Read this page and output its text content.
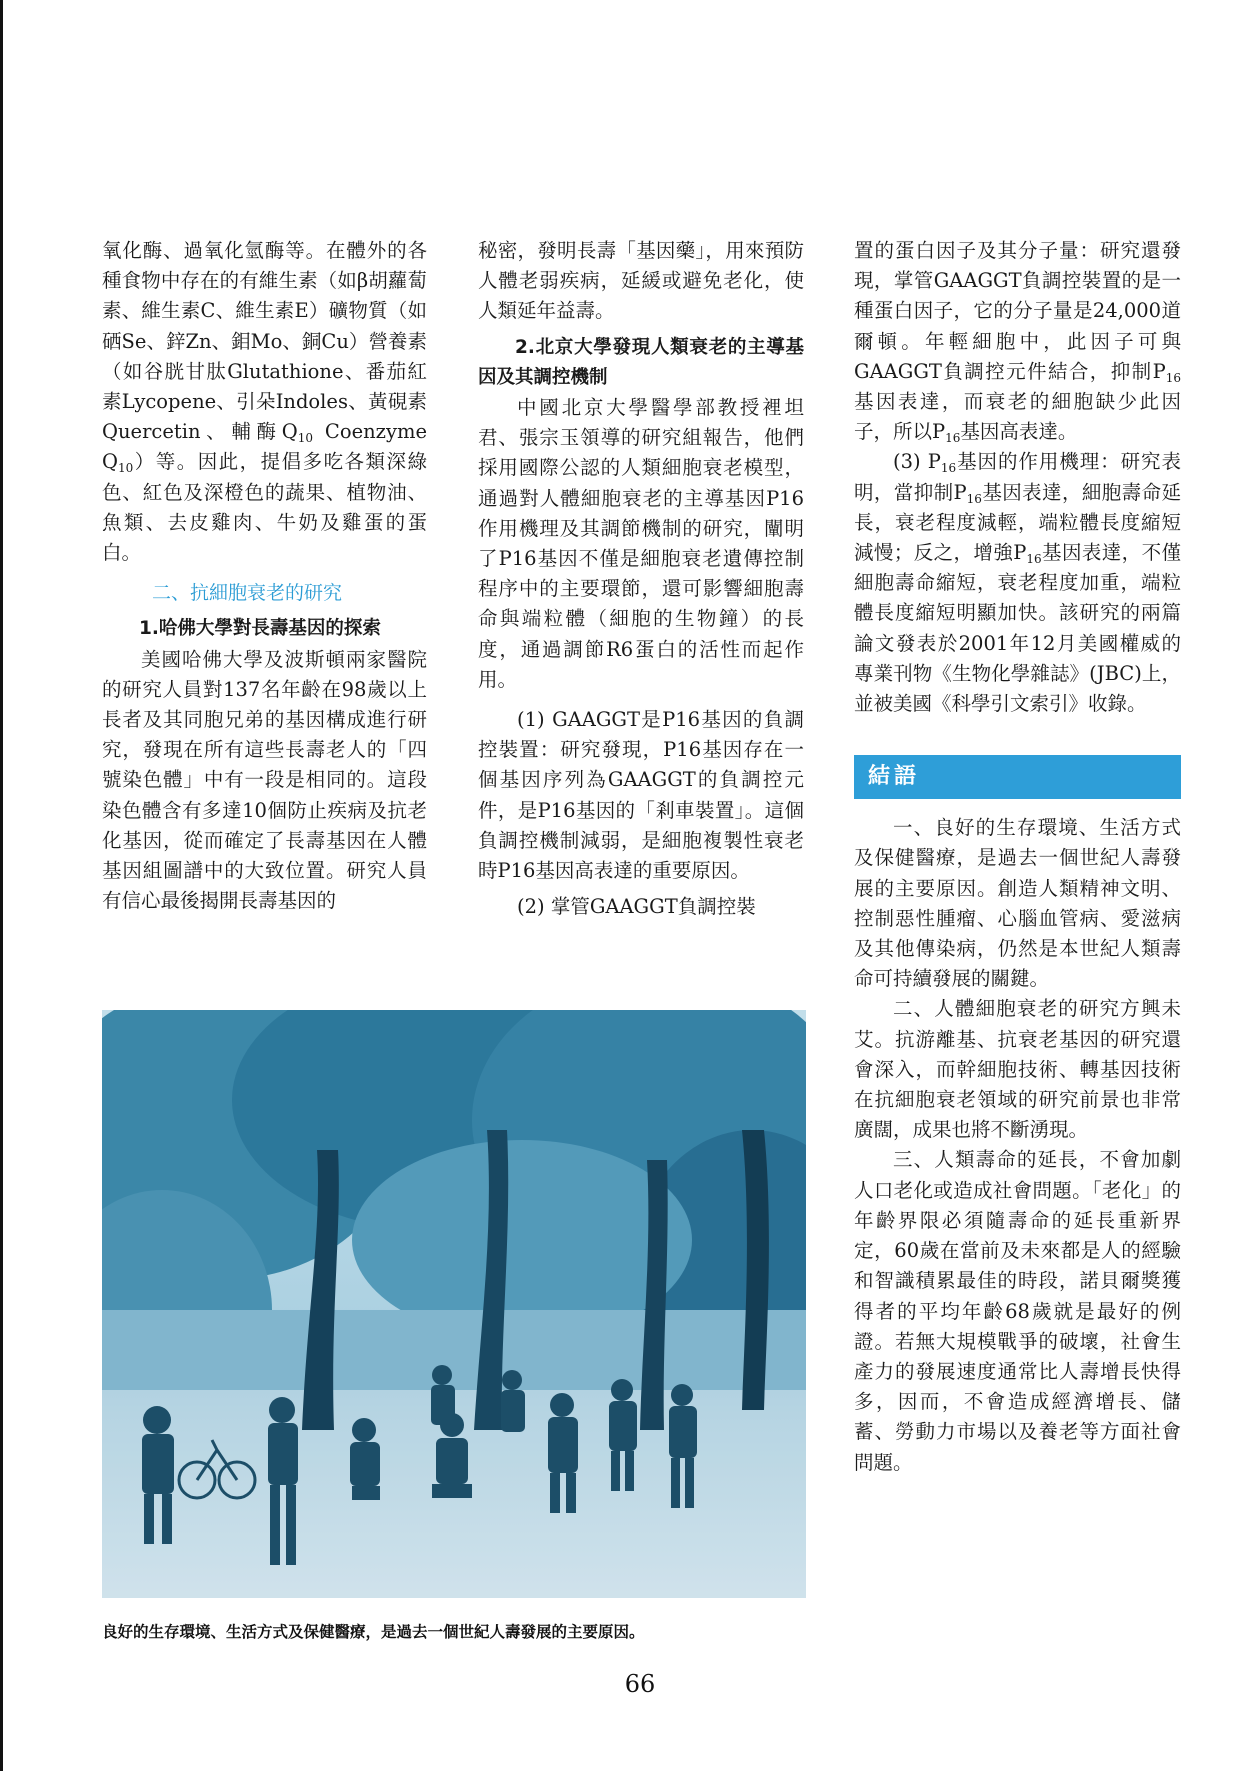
氧化酶、過氧化氫酶等。在體外的各種食物中存在的有維生素（如β胡蘿蔔素、維生素C、維生素E）礦物質（如硒Se、鋅Zn、鉬Mo、銅Cu）營養素（如谷胱甘肽Glutathione、番茄紅素Lycopene、引朵Indoles、黃硯素Quercetin、輔酶$Q_{10}$ Coenzyme $Q_{10}$）等。因此，提倡多吃各類深綠色、紅色及深橙色的蔬果、植物油、魚類、去皮雞肉、牛奶及雞蛋的蛋白。

二、抗細胞衰老的研究
1.哈佛大學對長壽基因的探索

美國哈佛大學及波斯頓兩家醫院的研究人員對137名年齡在98歲以上長者及其同胞兄弟的基因構成進行研究，發現在所有這些長壽老人的「四號染色體」中有一段是相同的。這段染色體含有多達10個防止疾病及抗老化基因，從而確定了長壽基因在人體基因組圖譜中的大致位置。研究人員有信心最後揭開長壽基因的

秘密，發明長壽「基因藥」，用來預防人體老弱疾病，延緩或避免老化，使人類延年益壽。

2.北京大學發現人類衰老的主導基因及其調控機制

中國北京大學醫學部教授裡坦君、張宗玉領導的研究組報告，他們採用國際公認的人類細胞衰老模型，通過對人體細胞衰老的主導基因P16作用機理及其調節機制的研究，闡明了P16基因不僅是細胞衰老遺傳控制程序中的主要環節，還可影響細胞壽命與端粒體（細胞的生物鐘）的長度，通過調節R6蛋白的活性而起作用。

(1) GAAGGT是P16基因的負調控裝置：研究發現，P16基因存在一個基因序列為GAAGGT的負調控元件，是P16基因的「剎車裝置」。這個負調控機制減弱，是細胞複製性衰老時P16基因高表達的重要原因。

(2) 掌管GAAGGT負調控裝

置的蛋白因子及其分子量：研究還發現，掌管GAAGGT負調控裝置的是一種蛋白因子，它的分子量是24,000道爾頓。年輕細胞中，此因子可與GAAGGT負調控元件結合，抑制$P_{16}$基因表達，而衰老的細胞缺少此因子，所以$P_{16}$基因高表達。

(3) $P_{16}$基因的作用機理：研究表明，當抑制$P_{16}$基因表達，細胞壽命延長，衰老程度減輕，端粒體長度縮短減慢；反之，增強$P_{16}$基因表達，不僅細胞壽命縮短，衰老程度加重，端粒體長度縮短明顯加快。該研究的兩篇論文發表於2001年12月美國權威的專業刊物《生物化學雜誌》(JBC)上，並被美國《科學引文索引》收錄。

結語

一、良好的生存環境、生活方式及保健醫療，是過去一個世紀人壽發展的主要原因。創造人類精神文明、控制惡性腫瘤、心腦血管病、愛滋病及其他傳染病，仍然是本世紀人類壽命可持續發展的關鍵。

二、人體細胞衰老的研究方興未艾。抗游離基、抗衰老基因的研究還會深入，而幹細胞技術、轉基因技術在抗細胞衰老領域的研究前景也非常廣闊，成果也將不斷湧現。

三、人類壽命的延長，不會加劇人口老化或造成社會問題。「老化」的年齡界限必須隨壽命的延長重新界定，60歲在當前及未來都是人的經驗和智識積累最佳的時段，諾貝爾獎獲得者的平均年齡68歲就是最好的例證。若無大規模戰爭的破壞，社會生產力的發展速度通常比人壽增長快得多，因而，不會造成經濟增長、儲蓄、勞動力市場以及養老等方面社會問題。

良好的生存環境、生活方式及保健醫療，是過去一個世紀人壽發展的主要原因。
66
